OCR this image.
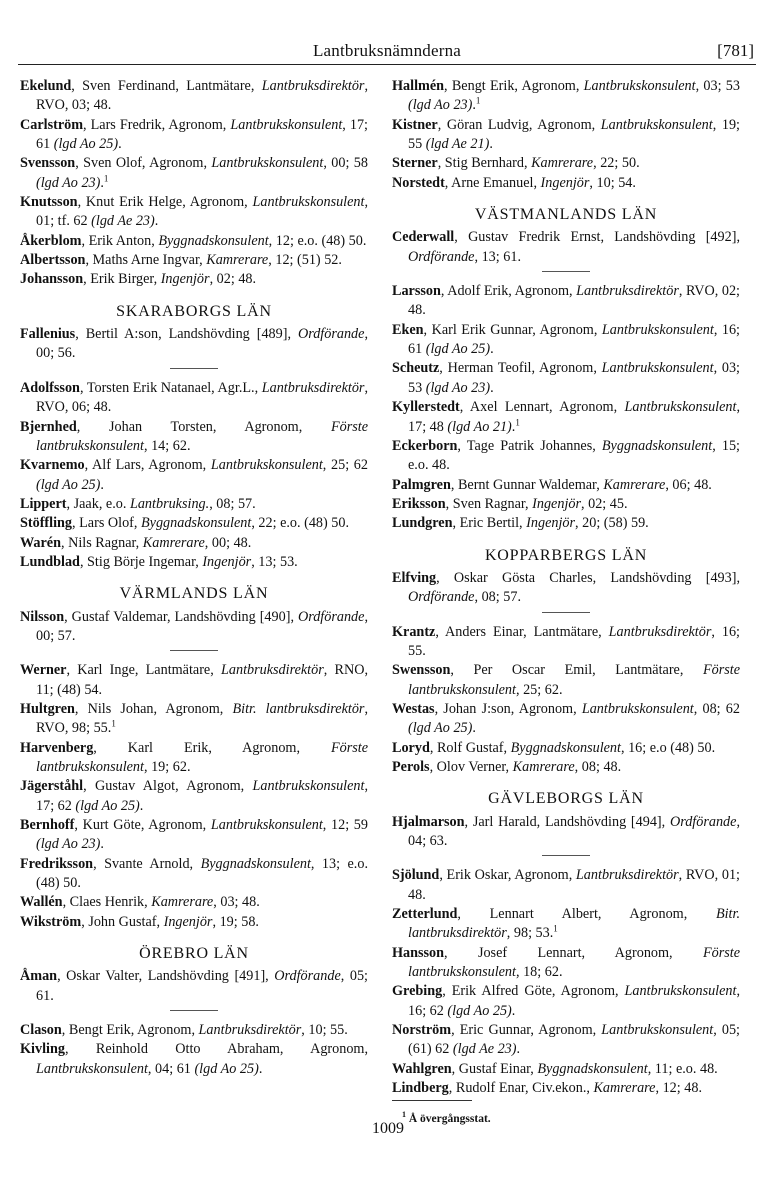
Lantbruksnämnderna	[781]
Ekelund, Sven Ferdinand, Lantmätare, Lantbruksdirektör, RVO, 03; 48.
Carlström, Lars Fredrik, Agronom, Lantbrukskonsulent, 17; 61 (lgd Ao 25).
Svensson, Sven Olof, Agronom, Lantbrukskonsulent, 00; 58 (lgd Ao 23).$^1$
Knutsson, Knut Erik Helge, Agronom, Lantbrukskonsulent, 01; tf. 62 (lgd Ae 23).
Åkerblom, Erik Anton, Byggnadskonsulent, 12; e.o. (48) 50.
Albertsson, Maths Arne Ingvar, Kamrerare, 12; (51) 52.
Johansson, Erik Birger, Ingenjör, 02; 48.
SKARABORGS LÄN
Fallenius, Bertil A:son, Landshövding [489], Ordförande, 00; 56.
Adolfsson, Torsten Erik Natanael, Agr.L., Lantbruksdirektör, RVO, 06; 48.
Bjernhed, Johan Torsten, Agronom, Förste lantbrukskonsulent, 14; 62.
Kvarnemo, Alf Lars, Agronom, Lantbrukskonsulent, 25; 62 (lgd Ao 25).
Lippert, Jaak, e.o. Lantbruksing., 08; 57.
Stöffling, Lars Olof, Byggnadskonsulent, 22; e.o. (48) 50.
Warén, Nils Ragnar, Kamrerare, 00; 48.
Lundblad, Stig Börje Ingemar, Ingenjör, 13; 53.
VÄRMLANDS LÄN
Nilsson, Gustaf Valdemar, Landshövding [490], Ordförande, 00; 57.
Werner, Karl Inge, Lantmätare, Lantbruksdirektör, RNO, 11; (48) 54.
Hultgren, Nils Johan, Agronom, Bitr. lantbruksdirektör, RVO, 98; 55.$^1$
Harvenberg, Karl Erik, Agronom, Förste lantbrukskonsulent, 19; 62.
Jägerståhl, Gustav Algot, Agronom, Lantbrukskonsulent, 17; 62 (lgd Ao 25).
Bernhoff, Kurt Göte, Agronom, Lantbrukskonsulent, 12; 59 (lgd Ao 23).
Fredriksson, Svante Arnold, Byggnadskonsulent, 13; e.o. (48) 50.
Wallén, Claes Henrik, Kamrerare, 03; 48.
Wikström, John Gustaf, Ingenjör, 19; 58.
ÖREBRO LÄN
Åman, Oskar Valter, Landshövding [491], Ordförande, 05; 61.
Clason, Bengt Erik, Agronom, Lantbruksdirektör, 10; 55.
Kivling, Reinhold Otto Abraham, Agronom, Lantbrukskonsulent, 04; 61 (lgd Ao 25).
Hallmén, Bengt Erik, Agronom, Lantbrukskonsulent, 03; 53 (lgd Ao 23).$^1$
Kistner, Göran Ludvig, Agronom, Lantbrukskonsulent, 19; 55 (lgd Ae 21).
Sterner, Stig Bernhard, Kamrerare, 22; 50.
Norstedt, Arne Emanuel, Ingenjör, 10; 54.
VÄSTMANLANDS LÄN
Cederwall, Gustav Fredrik Ernst, Landshövding [492], Ordförande, 13; 61.
Larsson, Adolf Erik, Agronom, Lantbruksdirektör, RVO, 02; 48.
Eken, Karl Erik Gunnar, Agronom, Lantbrukskonsulent, 16; 61 (lgd Ao 25).
Scheutz, Herman Teofil, Agronom, Lantbrukskonsulent, 03; 53 (lgd Ao 23).
Kyllerstedt, Axel Lennart, Agronom, Lantbrukskonsulent, 17; 48 (lgd Ao 21).$^1$
Eckerborn, Tage Patrik Johannes, Byggnadskonsulent, 15; e.o. 48.
Palmgren, Bernt Gunnar Waldemar, Kamrerare, 06; 48.
Eriksson, Sven Ragnar, Ingenjör, 02; 45.
Lundgren, Eric Bertil, Ingenjör, 20; (58) 59.
KOPPARBERGS LÄN
Elfving, Oskar Gösta Charles, Landshövding [493], Ordförande, 08; 57.
Krantz, Anders Einar, Lantmätare, Lantbruksdirektör, 16; 55.
Swensson, Per Oscar Emil, Lantmätare, Förste lantbrukskonsulent, 25; 62.
Westas, Johan J:son, Agronom, Lantbrukskonsulent, 08; 62 (lgd Ao 25).
Loryd, Rolf Gustaf, Byggnadskonsulent, 16; e.o (48) 50.
Perols, Olov Verner, Kamrerare, 08; 48.
GÄVLEBORGS LÄN
Hjalmarson, Jarl Harald, Landshövding [494], Ordförande, 04; 63.
Sjölund, Erik Oskar, Agronom, Lantbruksdirektör, RVO, 01; 48.
Zetterlund, Lennart Albert, Agronom, Bitr. lantbruksdirektör, 98; 53.$^1$
Hansson, Josef Lennart, Agronom, Förste lantbrukskonsulent, 18; 62.
Grebing, Erik Alfred Göte, Agronom, Lantbrukskonsulent, 16; 62 (lgd Ao 25).
Norström, Eric Gunnar, Agronom, Lantbrukskonsulent, 05; (61) 62 (lgd Ae 23).
Wahlgren, Gustaf Einar, Byggnadskonsulent, 11; e.o. 48.
Lindberg, Rudolf Enar, Civ.ekon., Kamrerare, 12; 48.
$^1$ Å övergångsstat.
1009
